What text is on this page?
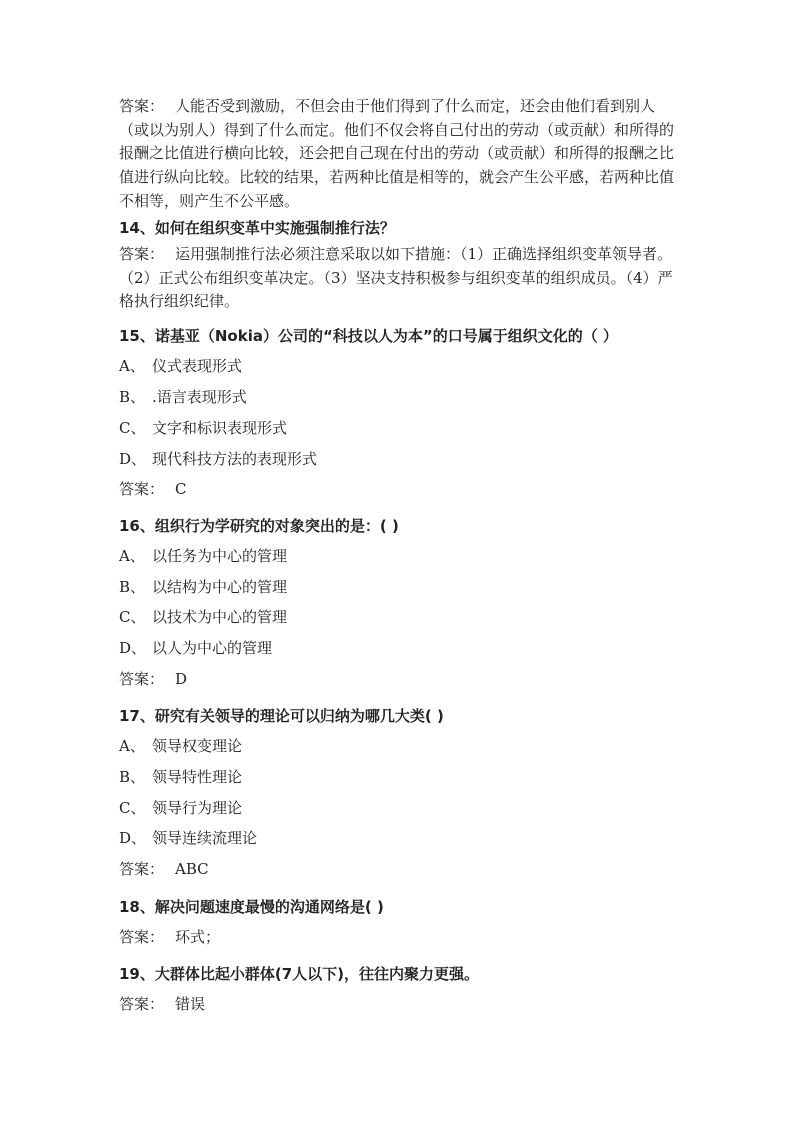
答案： 人能否受到激励，不但会由于他们得到了什么而定，还会由他们看到别人（或以为别人）得到了什么而定。他们不仅会将自己付出的劳动（或贡献）和所得的报酬之比值进行横向比较，还会把自己现在付出的劳动（或贡献）和所得的报酬之比值进行纵向比较。比较的结果，若两种比值是相等的，就会产生公平感，若两种比值不相等，则产生不公平感。

14、如何在组织变革中实施强制推行法？

答案： 运用强制推行法必须注意采取以如下措施：（1）正确选择组织变革领导者。（2）正式公布组织变革决定。（3）坚决支持积极参与组织变革的组织成员。（4）严格执行组织纪律。

15、诺基亚（Nokia）公司的“科技以人为本”的口号属于组织文化的（ ）
A、 仪式表现形式
B、 .语言表现形式
C、 文字和标识表现形式
D、 现代科技方法的表现形式
答案： C
16、组织行为学研究的对象突出的是：( )
A、 以任务为中心的管理
B、 以结构为中心的管理
C、 以技术为中心的管理
D、 以人为中心的管理
答案： D
17、研究有关领导的理论可以归纳为哪几大类( )
A、 领导权变理论
B、 领导特性理论
C、 领导行为理论
D、 领导连续流理论
答案： ABC
18、解决问题速度最慢的沟通网络是( )
答案： 环式；
19、大群体比起小群体(7人以下)，往往内聚力更强。
答案： 错误
